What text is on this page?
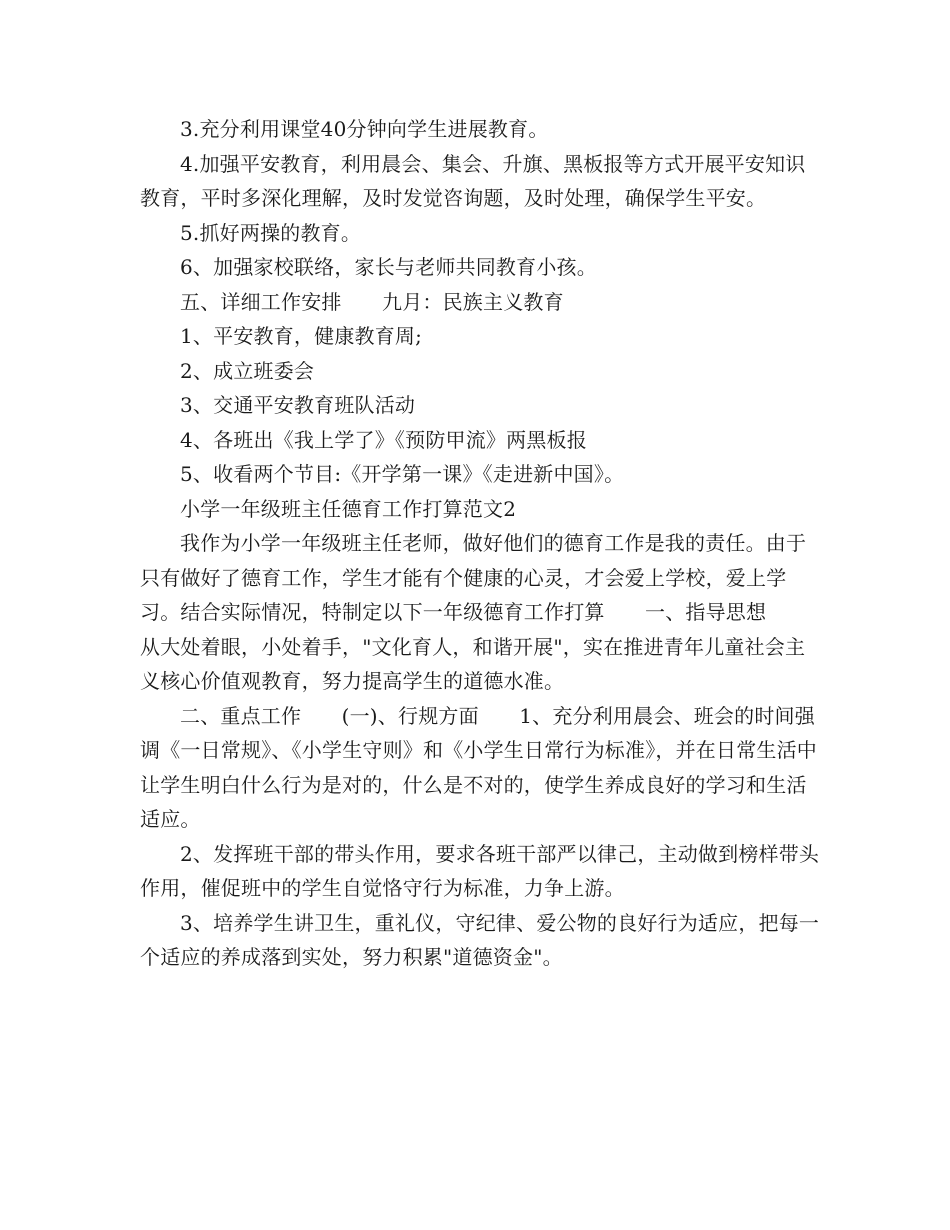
3.充分利用课堂40分钟向学生进展教育。

4.加强平安教育，利用晨会、集会、升旗、黑板报等方式开展平安知识教育，平时多深化理解，及时发觉咨询题，及时处理，确保学生平安。

5.抓好两操的教育。

6、加强家校联络，家长与老师共同教育小孩。

五、详细工作安排　　九月：民族主义教育

1、平安教育，健康教育周;

2、成立班委会

3、交通平安教育班队活动

4、各班出《我上学了》《预防甲流》两黑板报

5、收看两个节目:《开学第一课》《走进新中国》。

小学一年级班主任德育工作打算范文2

我作为小学一年级班主任老师，做好他们的德育工作是我的责任。由于只有做好了德育工作，学生才能有个健康的心灵，才会爱上学校，爱上学习。结合实际情况，特制定以下一年级德育工作打算　　一、指导思想　　从大处着眼，小处着手，"文化育人，和谐开展"，实在推进青年儿童社会主义核心价值观教育，努力提高学生的道德水准。

二、重点工作　　(一)、行规方面　　1、充分利用晨会、班会的时间强调《一日常规》、《小学生守则》和《小学生日常行为标准》，并在日常生活中让学生明白什么行为是对的，什么是不对的，使学生养成良好的学习和生活适应。

2、发挥班干部的带头作用，要求各班干部严以律己，主动做到榜样带头作用，催促班中的学生自觉恪守行为标准，力争上游。

3、培养学生讲卫生，重礼仪，守纪律、爱公物的良好行为适应，把每一个适应的养成落到实处，努力积累"道德资金"。
